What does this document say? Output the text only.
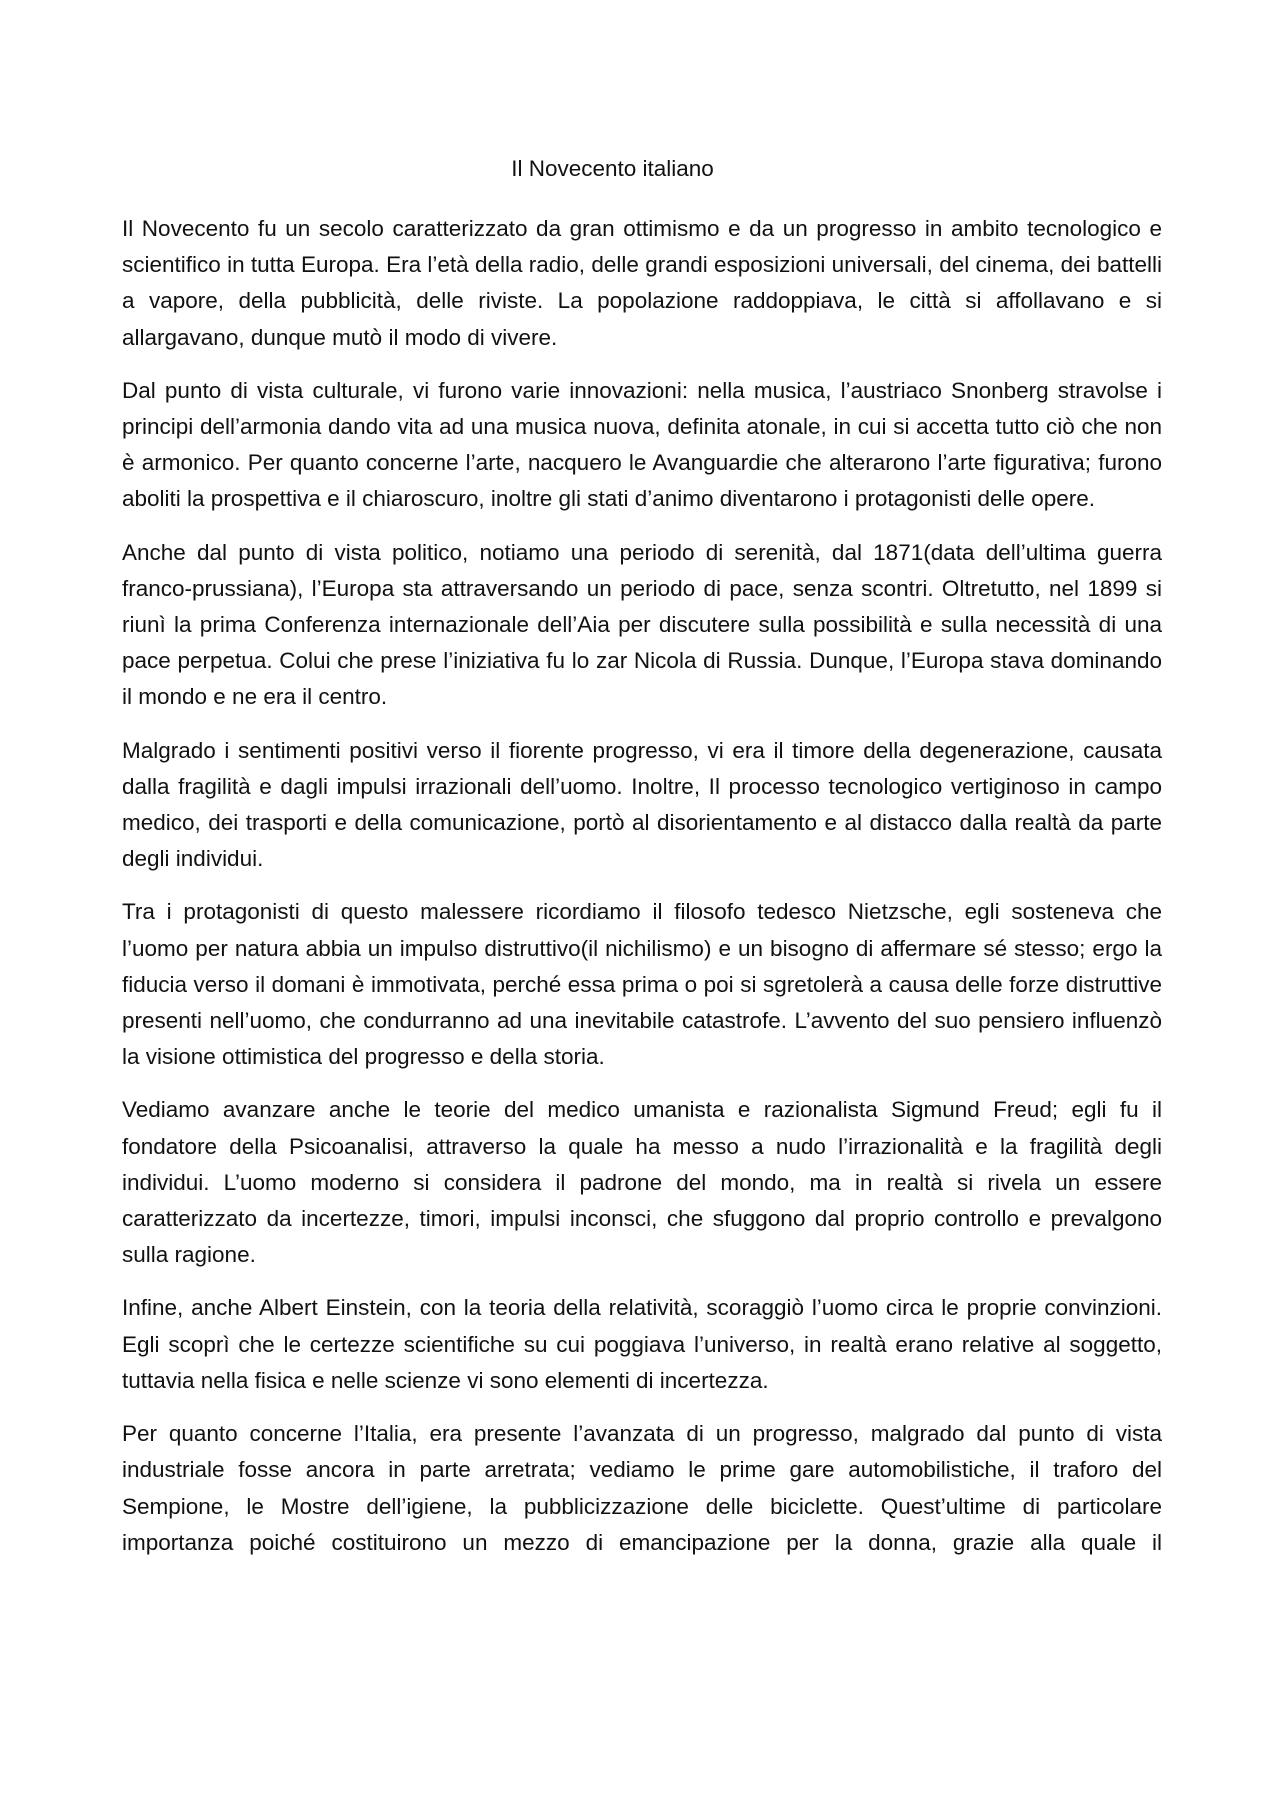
Il Novecento italiano

Il Novecento fu un secolo caratterizzato da gran ottimismo e da un progresso in ambito tecnologico e scientifico in tutta Europa. Era l’età della radio, delle grandi esposizioni universali, del cinema, dei battelli a vapore, della pubblicità, delle riviste. La popolazione raddoppiava, le città si affollavano e si allargavano, dunque mutò il modo di vivere.

Dal punto di vista culturale, vi furono varie innovazioni: nella musica, l’austriaco Snonberg stravolse i principi dell’armonia dando vita ad una musica nuova, definita atonale, in cui si accetta tutto ciò che non è armonico. Per quanto concerne l’arte, nacquero le Avanguardie che alterarono l’arte figurativa; furono aboliti la prospettiva e il chiaroscuro, inoltre gli stati d’animo diventarono i protagonisti delle opere.

Anche dal punto di vista politico, notiamo una periodo di serenità, dal 1871(data dell’ultima guerra franco-prussiana), l’Europa sta attraversando un periodo di pace, senza scontri. Oltretutto, nel 1899 si riunì la prima Conferenza internazionale dell’Aia per discutere sulla possibilità e sulla necessità di una pace perpetua. Colui che prese l’iniziativa fu lo zar Nicola di Russia. Dunque, l’Europa stava dominando il mondo e ne era il centro.

Malgrado i sentimenti positivi verso il fiorente progresso, vi era il timore della degenerazione, causata dalla fragilità e dagli impulsi irrazionali dell’uomo. Inoltre, Il processo tecnologico vertiginoso in campo medico, dei trasporti e della comunicazione, portò al disorientamento e al distacco dalla realtà da parte degli individui.

Tra i protagonisti di questo malessere ricordiamo il filosofo tedesco Nietzsche, egli sosteneva che l’uomo per natura abbia un impulso distruttivo(il nichilismo) e un bisogno di affermare sé stesso; ergo la fiducia verso il domani è immotivata, perché essa prima o poi si sgretolerà a causa delle forze distruttive presenti nell’uomo, che condurranno ad una inevitabile catastrofe. L’avvento del suo pensiero influenzò la visione ottimistica del progresso e della storia.

Vediamo avanzare anche le teorie del medico umanista e razionalista Sigmund Freud; egli fu il fondatore della Psicoanalisi, attraverso la quale ha messo a nudo l’irrazionalità e la fragilità degli individui. L’uomo moderno si considera il padrone del mondo, ma in realtà si rivela un essere caratterizzato da incertezze, timori, impulsi inconsci, che sfuggono dal proprio controllo e prevalgono sulla ragione.

Infine, anche Albert Einstein, con la teoria della relatività, scoraggiò l’uomo circa le proprie convinzioni. Egli scoprì che le certezze scientifiche su cui poggiava l’universo, in realtà erano relative al soggetto, tuttavia nella fisica e nelle scienze vi sono elementi di incertezza.

Per quanto concerne l’Italia, era presente l’avanzata di un progresso, malgrado dal punto di vista industriale fosse ancora in parte arretrata; vediamo le prime gare automobilistiche, il traforo del Sempione, le Mostre dell’igiene, la pubblicizzazione delle biciclette. Quest’ultime di particolare importanza poiché costituirono un mezzo di emancipazione per la donna, grazie alla quale il
